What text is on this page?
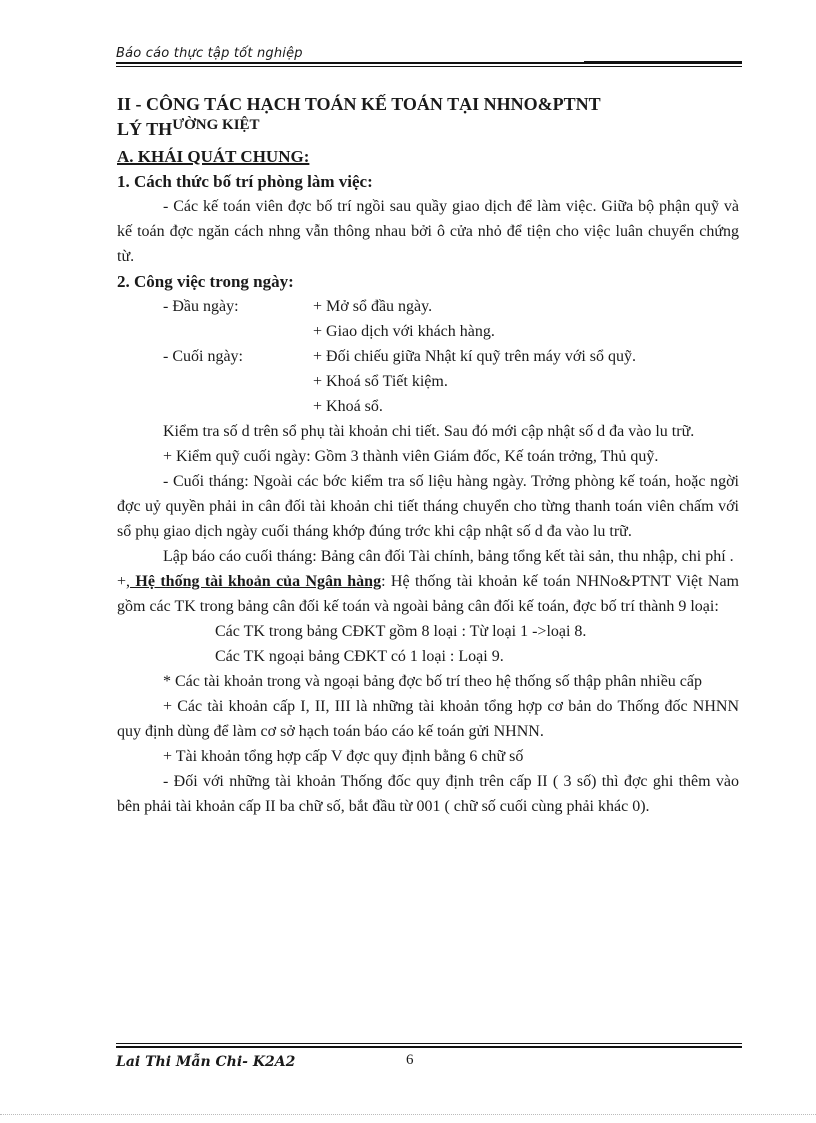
Báo cáo thực tập tốt nghiệp
II - CÔNG TÁC HẠCH TOÁN KẾ TOÁN TẠI NHNO&PTNT
LÝ $TH^{ƯỜNG KIỆT}$
A. KHÁI QUÁT CHUNG:
1. Cách thức bố trí phòng làm việc:
- Các kế toán viên đợc bố trí ngồi sau quầy giao dịch để làm việc. Giữa bộ phận quỹ và kế toán đợc ngăn cách nhng vẫn thông nhau bởi ô cửa nhỏ để tiện cho việc luân chuyển chứng từ.
2. Công việc trong ngày:
- Đầu ngày:	+ Mở sổ đầu ngày.
+ Giao dịch với khách hàng.
- Cuối ngày:	+ Đối chiếu giữa Nhật kí quỹ trên máy với sổ quỹ.
+ Khoá sổ Tiết kiệm.
+ Khoá sổ.
Kiểm tra số d trên sổ phụ tài khoản chi tiết. Sau đó mới cập nhật số d đa vào lu trữ.
+ Kiểm quỹ cuối ngày: Gồm 3 thành viên Giám đốc, Kế toán trởng, Thủ quỹ.
- Cuối tháng: Ngoài các bớc kiểm tra số liệu hàng ngày. Trởng phòng kế toán, hoặc ngời đợc uỷ quyền phải in cân đối tài khoản chi tiết tháng chuyển cho từng thanh toán viên chấm với sổ phụ giao dịch ngày cuối tháng khớp đúng trớc khi cập nhật số d đa vào lu trữ.
Lập báo cáo cuối tháng: Bảng cân đối Tài chính, bảng tổng kết tài sản, thu nhập, chi phí .
+, Hệ thống tài khoản của Ngân hàng: Hệ thống tài khoản kế toán NHNo&PTNT Việt Nam gồm các TK trong bảng cân đối kế toán và ngoài bảng cân đối kế toán, đợc bố trí thành 9 loại:
Các TK trong bảng CĐKT gồm 8 loại : Từ loại 1 ->loại 8.
Các TK ngoại bảng CĐKT có 1 loại : Loại 9.
* Các tài khoản trong và ngoại bảng đợc bố trí theo hệ thống số thập phân nhiều cấp
+ Các tài khoản cấp I, II, III là những tài khoản tổng hợp cơ bản do Thống đốc NHNN quy định dùng để làm cơ sở hạch toán báo cáo kế toán gửi NHNN.
+ Tài khoản tổng hợp cấp V đợc quy định bằng 6 chữ số
- Đối với những tài khoản Thống đốc quy định trên cấp II ( 3 số) thì đợc ghi thêm vào bên phải tài khoản cấp II ba chữ số, bắt đầu từ 001 ( chữ số cuối cùng phải khác 0).
Lai Thi Mẫn Chi- K2A2	6
